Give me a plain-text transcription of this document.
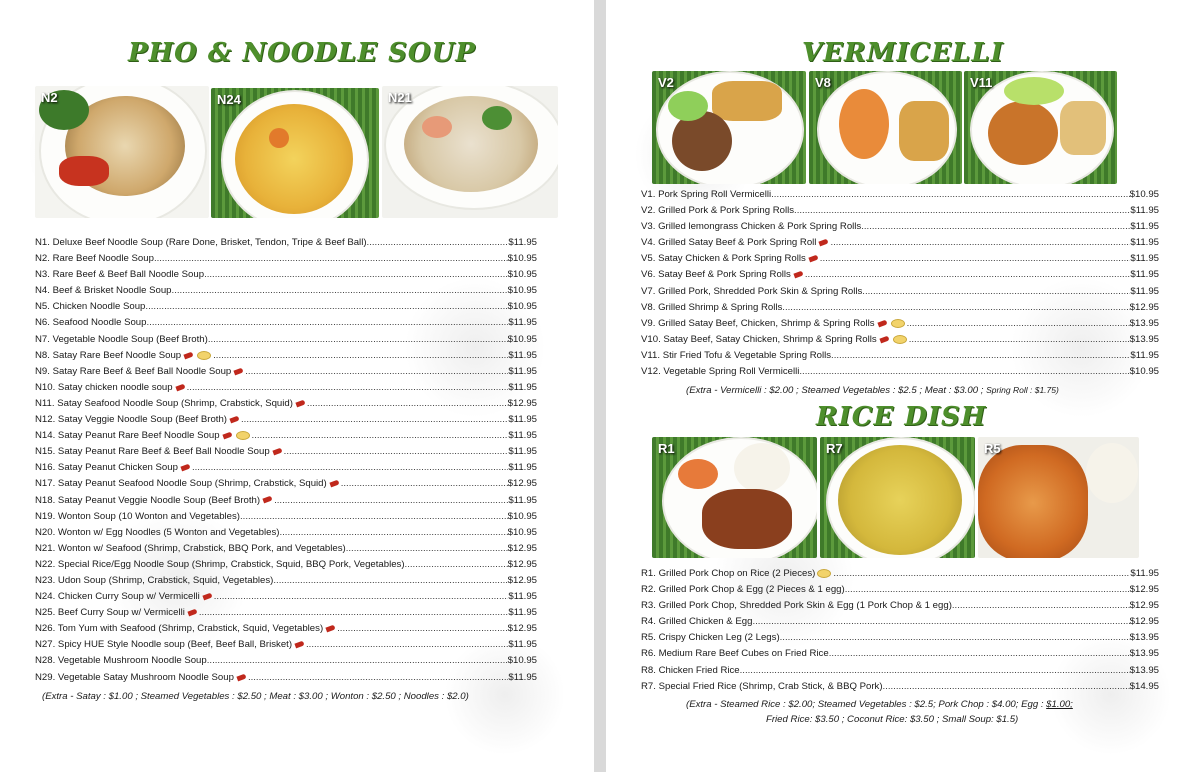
PHO & NOODLE SOUP
N2	N24	N21
N1. Deluxe Beef Noodle Soup (Rare Done, Brisket, Tendon, Tripe & Beef Ball) .....	$11.95
N2. Rare Beef Noodle Soup .....	$10.95
N3. Rare Beef & Beef Ball Noodle Soup .....	$10.95
N4. Beef & Brisket Noodle Soup .....	$10.95
N5. Chicken Noodle Soup .....	$10.95
N6. Seafood Noodle Soup .....	$11.95
N7. Vegetable Noodle Soup (Beef Broth) .....	$10.95
N8. Satay Rare Beef Noodle Soup .....	$11.95
N9. Satay Rare Beef & Beef Ball Noodle Soup .....	$11.95
N10. Satay chicken noodle soup .....	$11.95
N11. Satay Seafood Noodle Soup (Shrimp, Crabstick, Squid) .....	$12.95
N12. Satay Veggie Noodle Soup (Beef Broth) .....	$11.95
N14. Satay Peanut Rare Beef Noodle Soup .....	$11.95
N15. Satay Peanut Rare Beef & Beef Ball Noodle Soup .....	$11.95
N16. Satay Peanut Chicken Soup .....	$11.95
N17. Satay Peanut Seafood Noodle Soup (Shrimp, Crabstick, Squid) .....	$12.95
N18. Satay Peanut Veggie Noodle Soup (Beef Broth) .....	$11.95
N19. Wonton Soup (10 Wonton and Vegetables) .....	$10.95
N20. Wonton w/ Egg Noodles (5 Wonton and Vegetables) .....	$10.95
N21. Wonton w/ Seafood (Shrimp, Crabstick, BBQ Pork, and Vegetables) .....	$12.95
N22. Special Rice/Egg Noodle Soup (Shrimp, Crabstick, Squid, BBQ Pork, Vegetables) .....	$12.95
N23. Udon Soup (Shrimp, Crabstick, Squid, Vegetables) .....	$12.95
N24. Chicken Curry Soup w/ Vermicelli .....	$11.95
N25. Beef Curry Soup w/ Vermicelli .....	$11.95
N26. Tom Yum with Seafood (Shrimp, Crabstick, Squid, Vegetables) .....	$12.95
N27. Spicy HUE Style Noodle soup (Beef, Beef Ball, Brisket) .....	$11.95
N28. Vegetable Mushroom Noodle Soup .....	$10.95
N29. Vegetable Satay Mushroom Noodle Soup .....	$11.95
(Extra - Satay : $1.00 ; Steamed Vegetables : $2.50 ; Meat : $3.00 ; Wonton : $2.50 ; Noodles : $2.0)
VERMICELLI
V2	V8	V11
V1. Pork Spring Roll Vermicelli .....	$10.95
V2. Grilled Pork & Pork Spring Rolls .....	$11.95
V3. Grilled lemongrass Chicken & Pork Spring Rolls .....	$11.95
V4. Grilled Satay Beef & Pork Spring Roll .....	$11.95
V5. Satay Chicken & Pork Spring Rolls .....	$11.95
V6. Satay Beef & Pork Spring Rolls .....	$11.95
V7. Grilled Pork, Shredded Pork Skin & Spring Rolls .....	$11.95
V8. Grilled Shrimp & Spring Rolls .....	$12.95
V9. Grilled Satay Beef, Chicken, Shrimp & Spring Rolls .....	$13.95
V10. Satay Beef, Satay Chicken, Shrimp & Spring Rolls .....	$13.95
V11. Stir Fried Tofu & Vegetable Spring Rolls .....	$11.95
V12. Vegetable Spring Roll Vermicelli .....	$10.95
(Extra - Vermicelli : $2.00 ; Steamed Vegetables : $2.5 ; Meat : $3.00 ; Spring Roll : $1.75)
RICE DISH
R1	R7	R5
R1. Grilled Pork Chop on Rice (2 Pieces) .....	$11.95
R2. Grilled Pork Chop & Egg (2 Pieces & 1 egg) .....	$12.95
R3. Grilled Pork Chop, Shredded Pork Skin & Egg (1 Pork Chop & 1 egg) .....	$12.95
R4. Grilled Chicken & Egg .....	$12.95
R5. Crispy Chicken Leg (2 Legs) .....	$13.95
R6. Medium Rare Beef Cubes on Fried Rice .....	$13.95
R8. Chicken Fried Rice .....	$13.95
R7. Special Fried Rice (Shrimp, Crab Stick, & BBQ Pork) .....	$14.95
(Extra - Steamed Rice : $2.00; Steamed Vegetables : $2.5; Pork Chop : $4.00; Egg : $1.00;
Fried Rice: $3.50 ; Coconut Rice: $3.50 ; Small Soup: $1.5)
